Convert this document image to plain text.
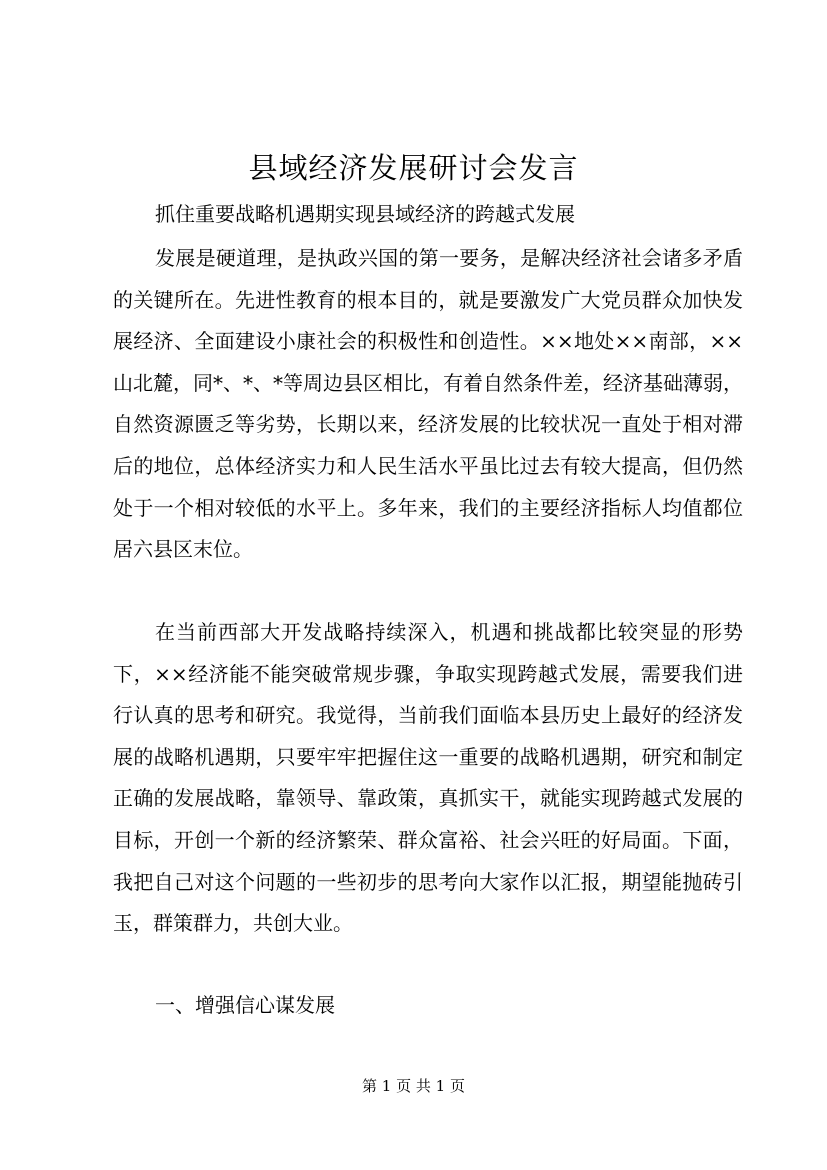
县域经济发展研讨会发言
抓住重要战略机遇期实现县域经济的跨越式发展

发展是硬道理，是执政兴国的第一要务，是解决经济社会诸多矛盾的关键所在。先进性教育的根本目的，就是要激发广大党员群众加快发展经济、全面建设小康社会的积极性和创造性。××地处××南部，××山北麓，同*、*、*等周边县区相比，有着自然条件差，经济基础薄弱，自然资源匮乏等劣势，长期以来，经济发展的比较状况一直处于相对滞后的地位，总体经济实力和人民生活水平虽比过去有较大提高，但仍然处于一个相对较低的水平上。多年来，我们的主要经济指标人均值都位居六县区末位。

在当前西部大开发战略持续深入，机遇和挑战都比较突显的形势下，××经济能不能突破常规步骤，争取实现跨越式发展，需要我们进行认真的思考和研究。我觉得，当前我们面临本县历史上最好的经济发展的战略机遇期，只要牢牢把握住这一重要的战略机遇期，研究和制定正确的发展战略，靠领导、靠政策，真抓实干，就能实现跨越式发展的目标，开创一个新的经济繁荣、群众富裕、社会兴旺的好局面。下面，我把自己对这个问题的一些初步的思考向大家作以汇报，期望能抛砖引玉，群策群力，共创大业。

一、增强信心谋发展
第 1 页 共 1 页
